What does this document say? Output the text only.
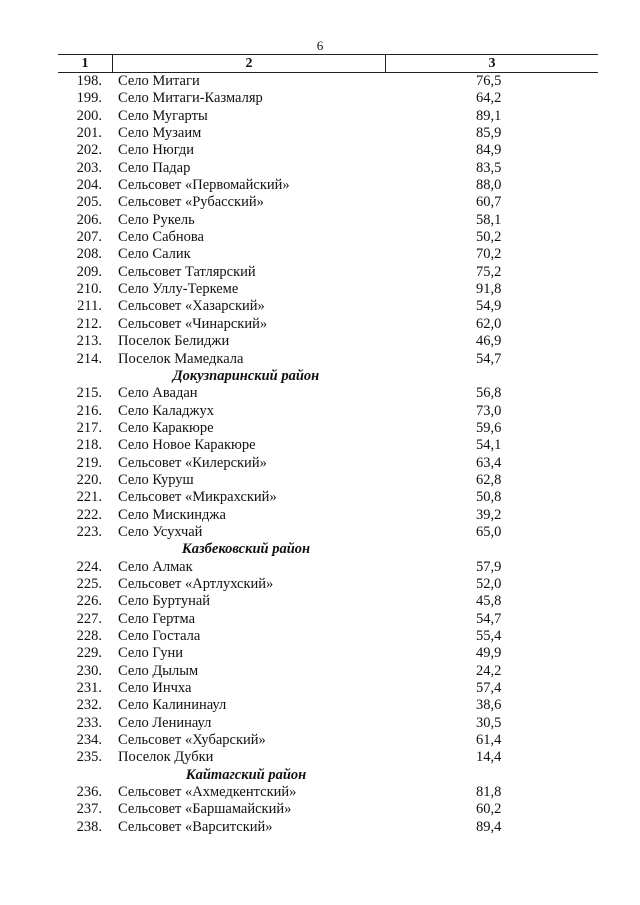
6
1	2	3
198.	Село Митаги	76,5
199.	Село Митаги-Казмаляр	64,2
200.	Село Мугарты	89,1
201.	Село Музаим	85,9
202.	Село Нюгди	84,9
203.	Село Падар	83,5
204.	Сельсовет «Первомайский»	88,0
205.	Сельсовет «Рубасский»	60,7
206.	Село Рукель	58,1
207.	Село Сабнова	50,2
208.	Село Салик	70,2
209.	Сельсовет Татлярский	75,2
210.	Село Уллу-Теркеме	91,8
211.	Сельсовет «Хазарский»	54,9
212.	Сельсовет «Чинарский»	62,0
213.	Поселок Белиджи	46,9
214.	Поселок Мамедкала	54,7
Докузпаринский район
215.	Село Авадан	56,8
216.	Село Каладжух	73,0
217.	Село Каракюре	59,6
218.	Село Новое Каракюре	54,1
219.	Сельсовет «Килерский»	63,4
220.	Село Куруш	62,8
221.	Сельсовет «Микрахский»	50,8
222.	Село Мискинджа	39,2
223.	Село Усухчай	65,0
Казбековский район
224.	Село Алмак	57,9
225.	Сельсовет «Артлухский»	52,0
226.	Село Буртунай	45,8
227.	Село Гертма	54,7
228.	Село Гостала	55,4
229.	Село Гуни	49,9
230.	Село Дылым	24,2
231.	Село Инчха	57,4
232.	Село Калининаул	38,6
233.	Село Ленинаул	30,5
234.	Сельсовет «Хубарский»	61,4
235.	Поселок Дубки	14,4
Кайтагский район
236.	Сельсовет «Ахмедкентский»	81,8
237.	Сельсовет «Баршамайский»	60,2
238.	Сельсовет «Варситский»	89,4
